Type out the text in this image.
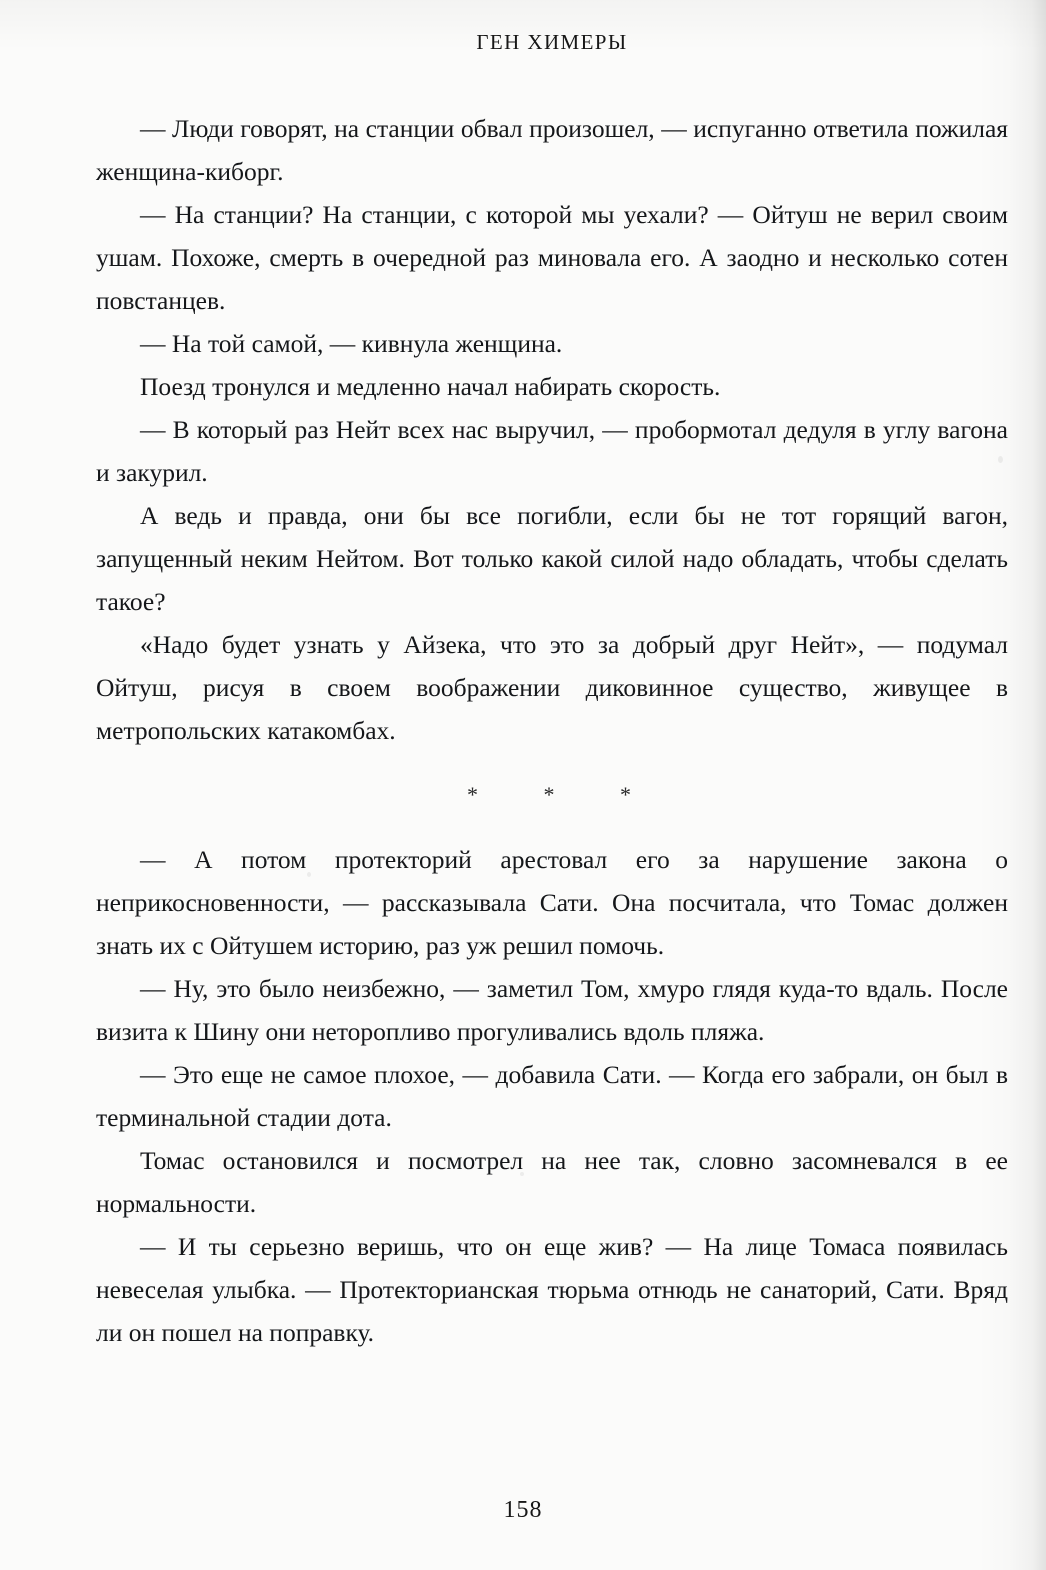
ГЕН ХИМЕРЫ

— Люди говорят, на станции обвал произошел, — испуганно ответила пожилая женщина-киборг.

— На станции? На станции, с которой мы уехали? — Ойтуш не верил своим ушам. Похоже, смерть в очередной раз миновала его. А заодно и несколько сотен повстанцев.

— На той самой, — кивнула женщина.

Поезд тронулся и медленно начал набирать скорость.

— В который раз Нейт всех нас выручил, — пробормотал дедуля в углу вагона и закурил.

А ведь и правда, они бы все погибли, если бы не тот горящий вагон, запущенный неким Нейтом. Вот только какой силой надо обладать, чтобы сделать такое?

«Надо будет узнать у Айзека, что это за добрый друг Нейт», — подумал Ойтуш, рисуя в своем воображении диковинное существо, живущее в метропольских катакомбах.

* * *

— А потом протекторий арестовал его за нарушение закона о неприкосновенности, — рассказывала Сати. Она посчитала, что Томас должен знать их с Ойтушем историю, раз уж решил помочь.

— Ну, это было неизбежно, — заметил Том, хмуро глядя куда-то вдаль. После визита к Шину они неторопливо прогуливались вдоль пляжа.

— Это еще не самое плохое, — добавила Сати. — Когда его забрали, он был в терминальной стадии дота.

Томас остановился и посмотрел на нее так, словно засомневался в ее нормальности.

— И ты серьезно веришь, что он еще жив? — На лице Томаса появилась невеселая улыбка. — Протекторианская тюрьма отнюдь не санаторий, Сати. Вряд ли он пошел на поправку.

158
